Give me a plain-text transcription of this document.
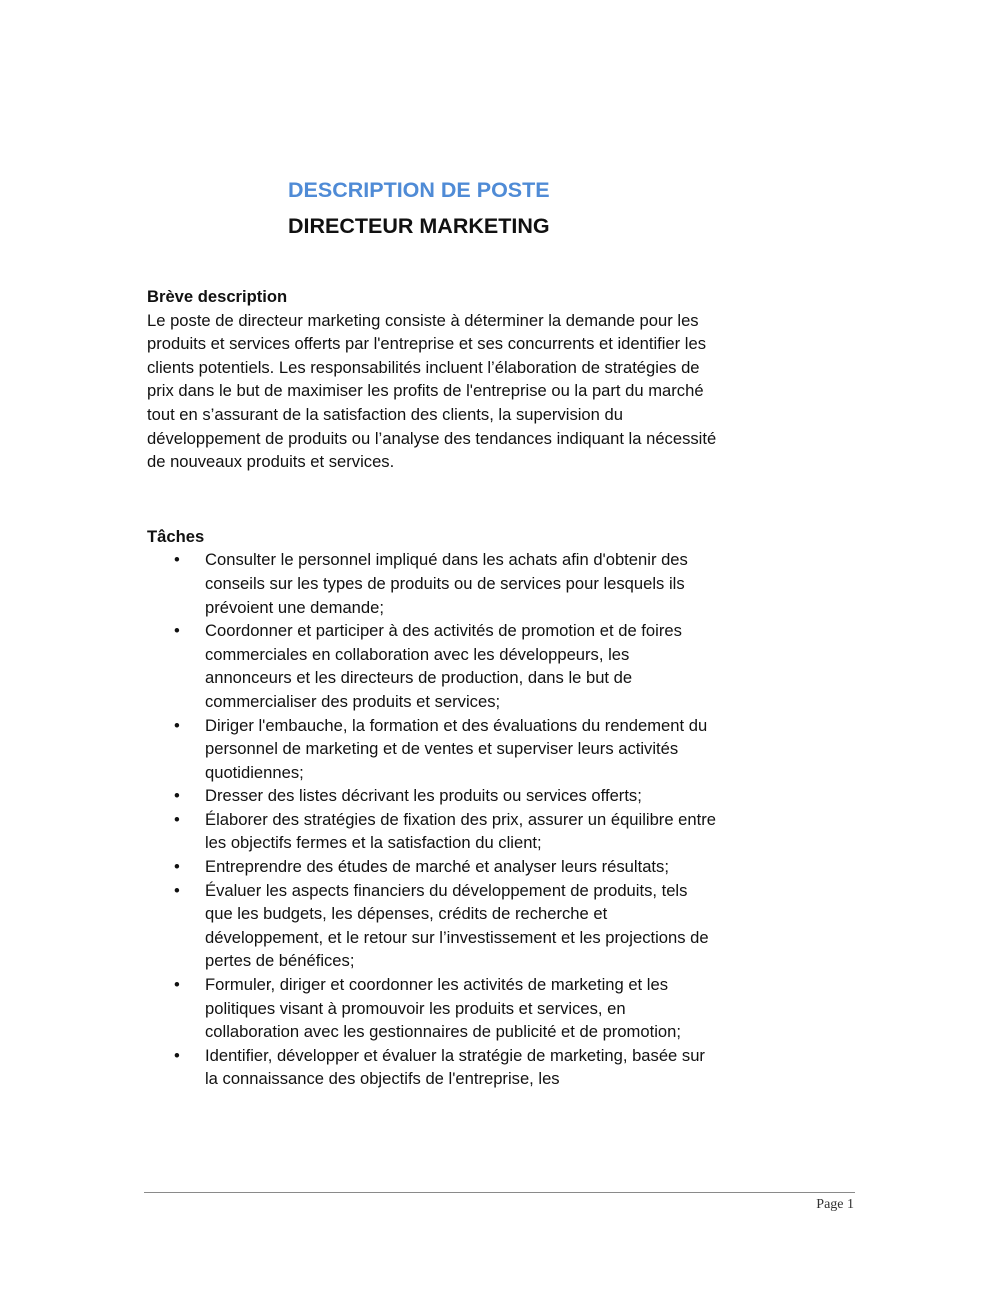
DESCRIPTION DE POSTE
DIRECTEUR MARKETING
Brève description

Le poste de directeur marketing consiste à déterminer la demande pour les produits et services offerts par l'entreprise et ses concurrents et identifier les clients potentiels. Les responsabilités incluent l’élaboration de stratégies de prix dans le but de maximiser les profits de l'entreprise ou la part du marché tout en s’assurant de la satisfaction des clients, la supervision du développement de produits ou l’analyse des tendances indiquant la nécessité de nouveaux produits et services.

Tâches
• Consulter le personnel impliqué dans les achats afin d'obtenir des conseils sur les types de produits ou de services pour lesquels ils prévoient une demande;
• Coordonner et participer à des activités de promotion et de foires commerciales en collaboration avec les développeurs, les annonceurs et les directeurs de production, dans le but de commercialiser des produits et services;
• Diriger l'embauche, la formation et des évaluations du rendement du personnel de marketing et de ventes et superviser leurs activités quotidiennes;
• Dresser des listes décrivant les produits ou services offerts;
• Élaborer des stratégies de fixation des prix, assurer un équilibre entre les objectifs fermes et la satisfaction du client;
• Entreprendre des études de marché et analyser leurs résultats;
• Évaluer les aspects financiers du développement de produits, tels que les budgets, les dépenses, crédits de recherche et développement, et le retour sur l’investissement et les projections de pertes de bénéfices;
• Formuler, diriger et coordonner les activités de marketing et les politiques visant à promouvoir les produits et services, en collaboration avec les gestionnaires de publicité et de promotion;
• Identifier, développer et évaluer la stratégie de marketing, basée sur la connaissance des objectifs de l'entreprise, les
Page 1
